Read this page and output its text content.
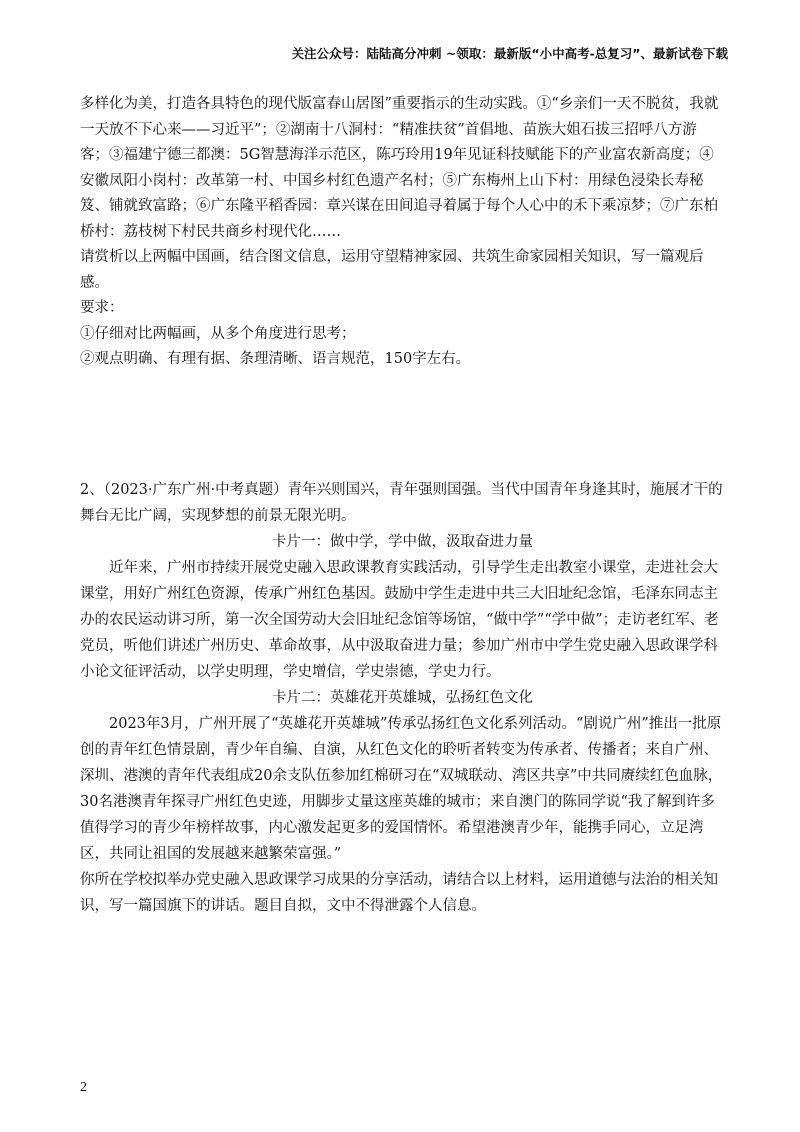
关注公众号：陆陆高分冲刺 ~领取：最新版“小中高考-总复习”、最新试卷下载

多样化为美，打造各具特色的现代版富春山居图”重要指示的生动实践。①“乡亲们一天不脱贫，我就一天放不下心来——习近平”；②湖南十八洞村：“精准扶贫”首倡地、苗族大姐石拔三招呼八方游客；③福建宁德三都澳：5G智慧海洋示范区，陈巧玲用19年见证科技赋能下的产业富农新高度；④安徽凤阳小岗村：改革第一村、中国乡村红色遗产名村；⑤广东梅州上山下村：用绿色浸染长寿秘笈、铺就致富路；⑥广东隆平稻香园：章兴谋在田间追寻着属于每个人心中的禾下乘凉梦；⑦广东柏桥村：荔枝树下村民共商乡村现代化……

请赏析以上两幅中国画，结合图文信息，运用守望精神家园、共筑生命家园相关知识，写一篇观后感。

要求：

①仔细对比两幅画，从多个角度进行思考；

②观点明确、有理有据、条理清晰、语言规范，150字左右。

2、（2023·广东广州·中考真题）青年兴则国兴，青年强则国强。当代中国青年身逢其时，施展才干的舞台无比广阔，实现梦想的前景无限光明。

卡片一：做中学，学中做，汲取奋进力量

近年来，广州市持续开展党史融入思政课教育实践活动，引导学生走出教室小课堂，走进社会大课堂，用好广州红色资源，传承广州红色基因。鼓励中学生走进中共三大旧址纪念馆，毛泽东同志主办的农民运动讲习所，第一次全国劳动大会旧址纪念馆等场馆，“做中学”“学中做”；走访老红军、老党员，听他们讲述广州历史、革命故事，从中汲取奋进力量；参加广州市中学生党史融入思政课学科小论文征评活动，以学史明理，学史增信，学史崇德，学史力行。

卡片二：英雄花开英雄城，弘扬红色文化

2023年3月，广州开展了“英雄花开英雄城”传承弘扬红色文化系列活动。“剧说广州”推出一批原创的青年红色情景剧，青少年自编、自演，从红色文化的聆听者转变为传承者、传播者；来自广州、深圳、港澳的青年代表组成20余支队伍参加红棉研习在“双城联动、湾区共享”中共同赓续红色血脉，30名港澳青年探寻广州红色史迹，用脚步丈量这座英雄的城市；来自澳门的陈同学说“我了解到许多值得学习的青少年榜样故事，内心激发起更多的爱国情怀。希望港澳青少年，能携手同心，立足湾区，共同让祖国的发展越来越繁荣富强。”

你所在学校拟举办党史融入思政课学习成果的分享活动，请结合以上材料，运用道德与法治的相关知识，写一篇国旗下的讲话。题目自拟，文中不得泄露个人信息。

2
